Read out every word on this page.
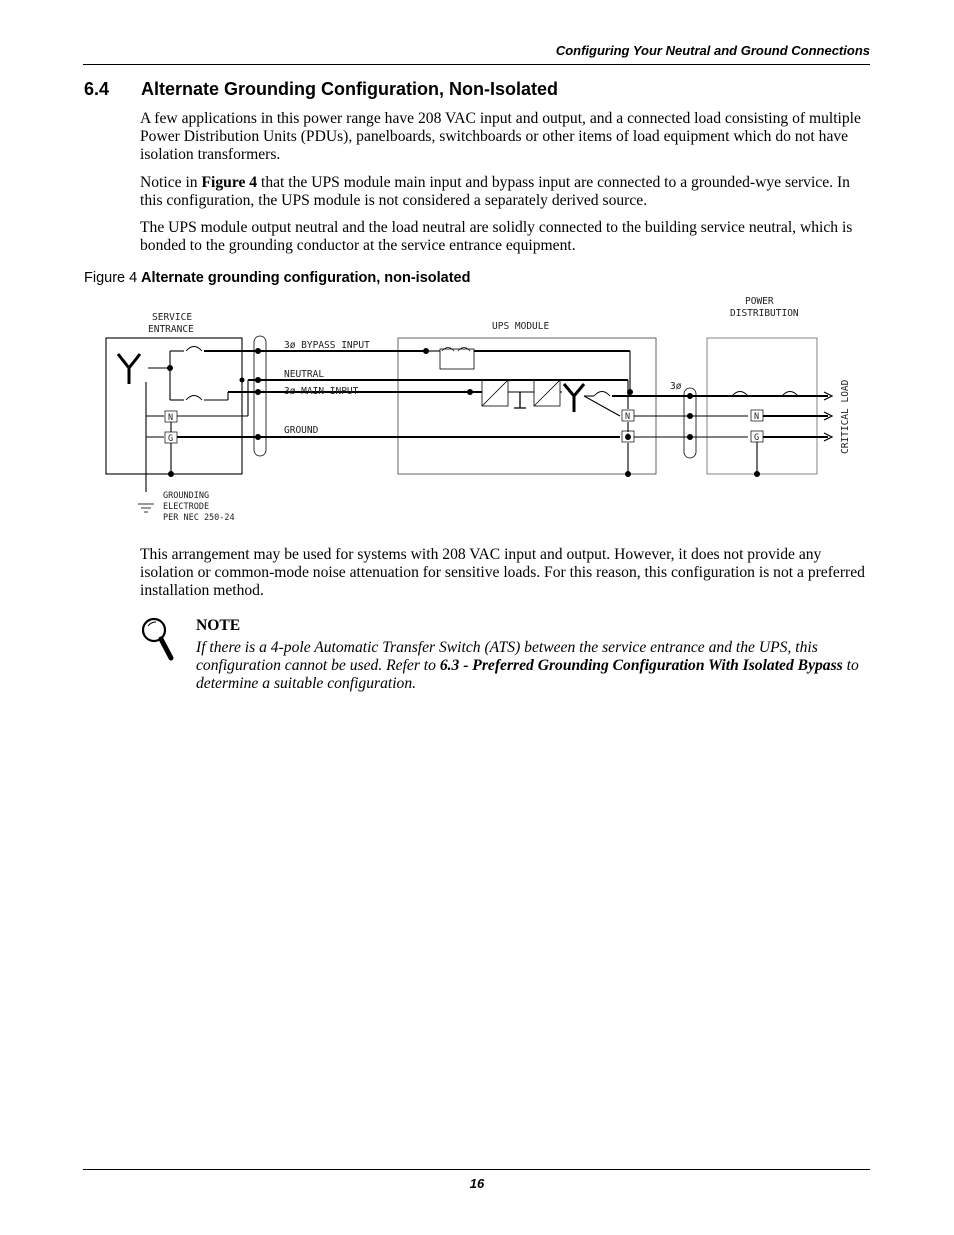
Configuring Your Neutral and Ground Connections
6.4 Alternate Grounding Configuration, Non-Isolated

A few applications in this power range have 208 VAC input and output, and a connected load consisting of multiple Power Distribution Units (PDUs), panelboards, switchboards or other items of load equipment which do not have isolation transformers.

Notice in Figure 4 that the UPS module main input and bypass input are connected to a grounded-wye service. In this configuration, the UPS module is not considered a separately derived source.

The UPS module output neutral and the load neutral are solidly connected to the building service neutral, which is bonded to the grounding conductor at the service entrance equipment.

Figure 4 Alternate grounding configuration, non-isolated
SERVICE
ENTRANCE	UPS MODULE
POWER
DISTRIBUTION
3ø BYPASS INPUT
NEUTRAL
3ø MAIN INPUT
GROUND
3ø	CRITICAL LOAD
N
G
N
G
N
G
GROUNDING
ELECTRODE
PER NEC 250-24

This arrangement may be used for systems with 208 VAC input and output. However, it does not provide any isolation or common-mode noise attenuation for sensitive loads. For this reason, this configuration is not a preferred installation method.

NOTE

If there is a 4-pole Automatic Transfer Switch (ATS) between the service entrance and the UPS, this configuration cannot be used. Refer to 6.3 - Preferred Grounding Configuration With Isolated Bypass to determine a suitable configuration.

16
